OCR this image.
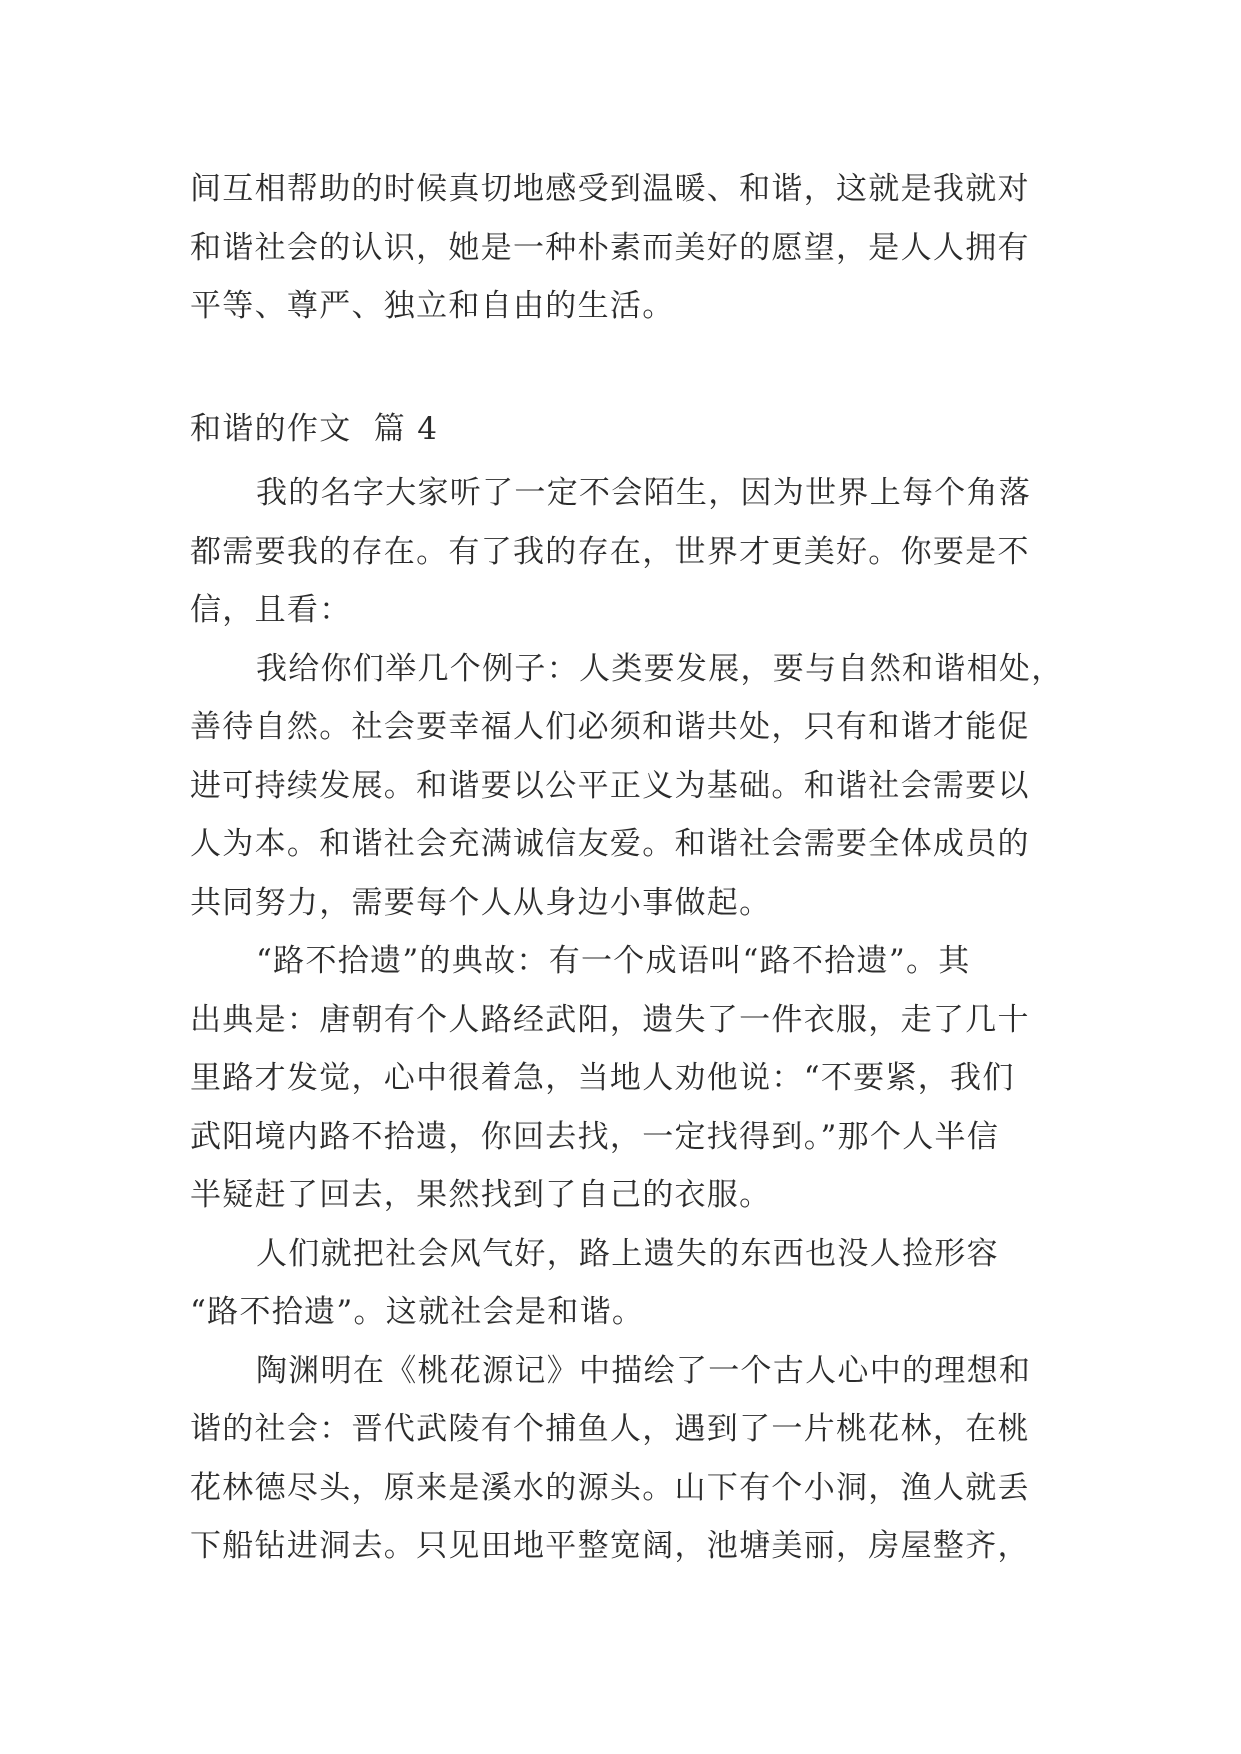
间互相帮助的时候真切地感受到温暖、和谐，这就是我就对
和谐社会的认识，她是一种朴素而美好的愿望，是人人拥有
平等、尊严、独立和自由的生活。
和谐的作文  篇 4
我的名字大家听了一定不会陌生，因为世界上每个角落
都需要我的存在。有了我的存在，世界才更美好。你要是不
信，且看：
我给你们举几个例子：人类要发展，要与自然和谐相处，
善待自然。社会要幸福人们必须和谐共处，只有和谐才能促
进可持续发展。和谐要以公平正义为基础。和谐社会需要以
人为本。和谐社会充满诚信友爱。和谐社会需要全体成员的
共同努力，需要每个人从身边小事做起。
“路不拾遗”的典故：有一个成语叫“路不拾遗”。其
出典是：唐朝有个人路经武阳，遗失了一件衣服，走了几十
里路才发觉，心中很着急，当地人劝他说：“不要紧，我们
武阳境内路不拾遗，你回去找，一定找得到。”那个人半信
半疑赶了回去，果然找到了自己的衣服。
人们就把社会风气好，路上遗失的东西也没人捡形容
“路不拾遗”。这就社会是和谐。
陶渊明在《桃花源记》中描绘了一个古人心中的理想和
谐的社会：晋代武陵有个捕鱼人，遇到了一片桃花林，在桃
花林德尽头，原来是溪水的源头。山下有个小洞，渔人就丢
下船钻进洞去。只见田地平整宽阔，池塘美丽，房屋整齐，
